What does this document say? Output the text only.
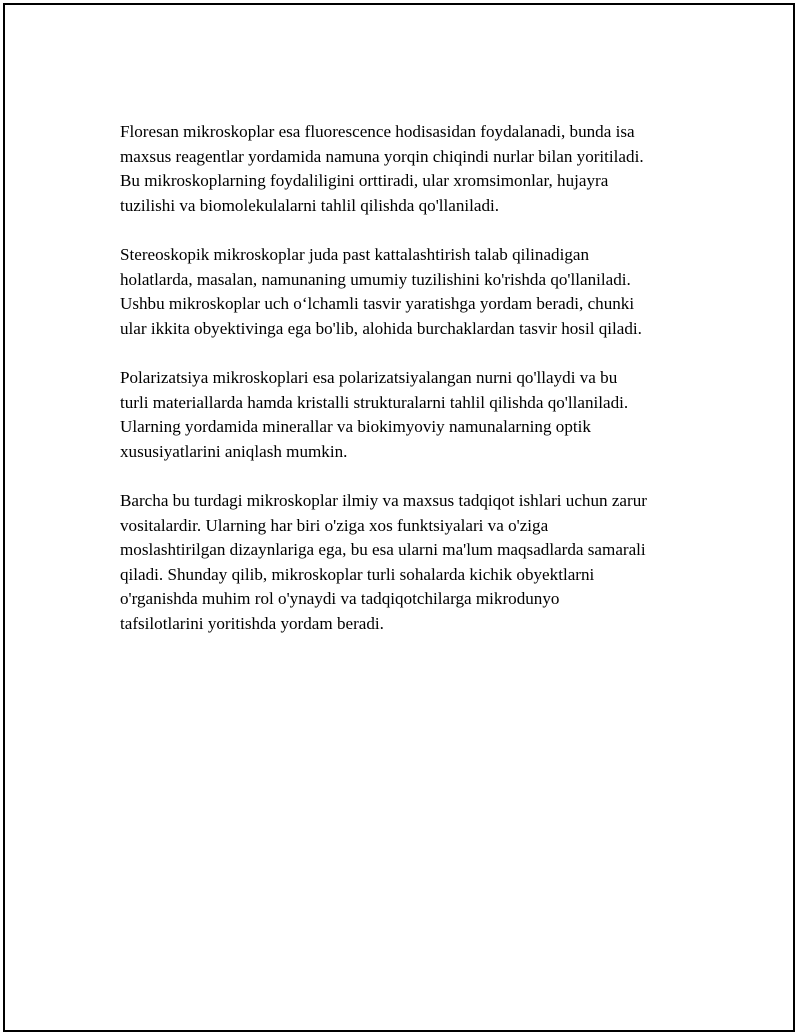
Floresan mikroskoplar esa fluorescence hodisasidan foydalanadi, bunda isa
maxsus reagentlar yordamida namuna yorqin chiqindi nurlar bilan yoritiladi.
Bu mikroskoplarning foydaliligini orttiradi, ular xromsimonlar, hujayra
tuzilishi va biomolekulalarni tahlil qilishda qo'llaniladi.

Stereoskopik mikroskoplar juda past kattalashtirish talab qilinadigan
holatlarda, masalan, namunaning umumiy tuzilishini ko'rishda qo'llaniladi.
Ushbu mikroskoplar uch o‘lchamli tasvir yaratishga yordam beradi, chunki
ular ikkita obyektivinga ega bo'lib, alohida burchaklardan tasvir hosil qiladi.

Polarizatsiya mikroskoplari esa polarizatsiyalangan nurni qo'llaydi va bu
turli materiallarda hamda kristalli strukturalarni tahlil qilishda qo'llaniladi.
Ularning yordamida minerallar va biokimyoviy namunalarning optik
xususiyatlarini aniqlash mumkin.

Barcha bu turdagi mikroskoplar ilmiy va maxsus tadqiqot ishlari uchun zarur
vositalardir. Ularning har biri o'ziga xos funktsiyalari va o'ziga
moslashtirilgan dizaynlariga ega, bu esa ularni ma'lum maqsadlarda samarali
qiladi. Shunday qilib, mikroskoplar turli sohalarda kichik obyektlarni
o'rganishda muhim rol o'ynaydi va tadqiqotchilarga mikrodunyo
tafsilotlarini yoritishda yordam beradi.
